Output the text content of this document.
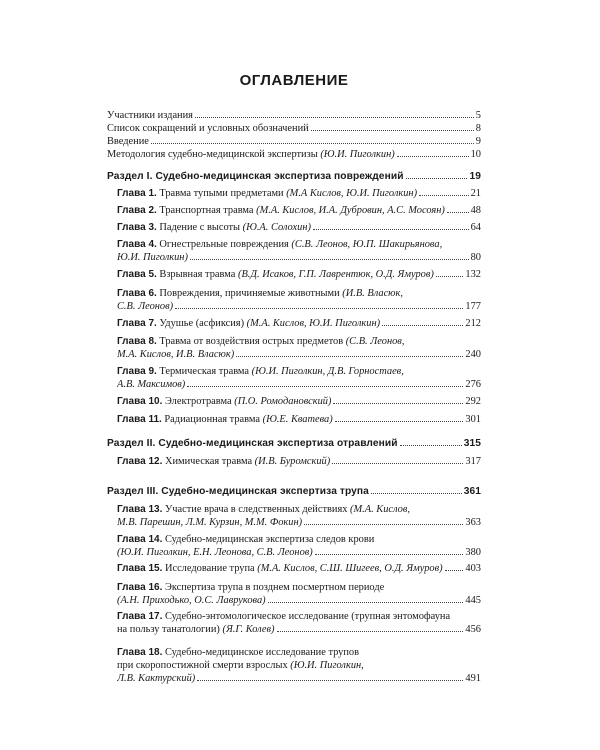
ОГЛАВЛЕНИЕ
Участники издания	5
Список сокращений и условных обозначений	8
Введение	9
Методология судебно-медицинской экспертизы (Ю.И. Пиголкин)	10
Раздел I. Судебно-медицинская экспертиза повреждений	19
Глава 1. Травма тупыми предметами (М.А Кислов, Ю.И. Пиголкин)	21
Глава 2. Транспортная травма (М.А. Кислов, И.А. Дубровин, А.С. Мосоян) 48
Глава 3. Падение с высоты (Ю.А. Солохин)	64
Глава 4. Огнестрельные повреждения (С.В. Леонов, Ю.П. Шакирьянова,
Ю.И. Пиголкин)	80
Глава 5. Взрывная травма (В.Д. Исаков, Г.П. Лаврентюк, О.Д. Ямуров)	132
Глава 6. Повреждения, причиняемые животными (И.В. Власюк,
С.В. Леонов)	177
Глава 7. Удушье (асфиксия) (М.А. Кислов, Ю.И. Пиголкин)	212
Глава 8. Травма от воздействия острых предметов (С.В. Леонов,
М.А. Кислов, И.В. Власюк)	240
Глава 9. Термическая травма (Ю.И. Пиголкин, Д.В. Горностаев,
А.В. Максимов)	276
Глава 10. Электротравма (П.О. Ромодановский)	292
Глава 11. Радиационная травма (Ю.Е. Кватева)	301
Раздел II. Судебно-медицинская экспертиза отравлений	315
Глава 12. Химическая травма (И.В. Буромский)	317
Раздел III. Судебно-медицинская экспертиза трупа	361
Глава 13. Участие врача в следственных действиях (М.А. Кислов,
М.В. Парешин, Л.М. Курзин, М.М. Фокин)	363
Глава 14. Судебно-медицинская экспертиза следов крови
(Ю.И. Пиголкин, Е.Н. Леонова, С.В. Леонов)	380
Глава 15. Исследование трупа (М.А. Кислов, С.Ш. Шигеев, О.Д. Ямуров) 403
Глава 16. Экспертиза трупа в позднем посмертном периоде
(А.Н. Приходько, О.С. Лаврукова)	445
Глава 17. Судебно-энтомологическое исследование (трупная энтомофауна
на пользу танатологии) (Я.Г. Колев)	456
Глава 18. Судебно-медицинское исследование трупов
при скоропостижной смерти взрослых (Ю.И. Пиголкин,
Л.В. Кактурский)	491
